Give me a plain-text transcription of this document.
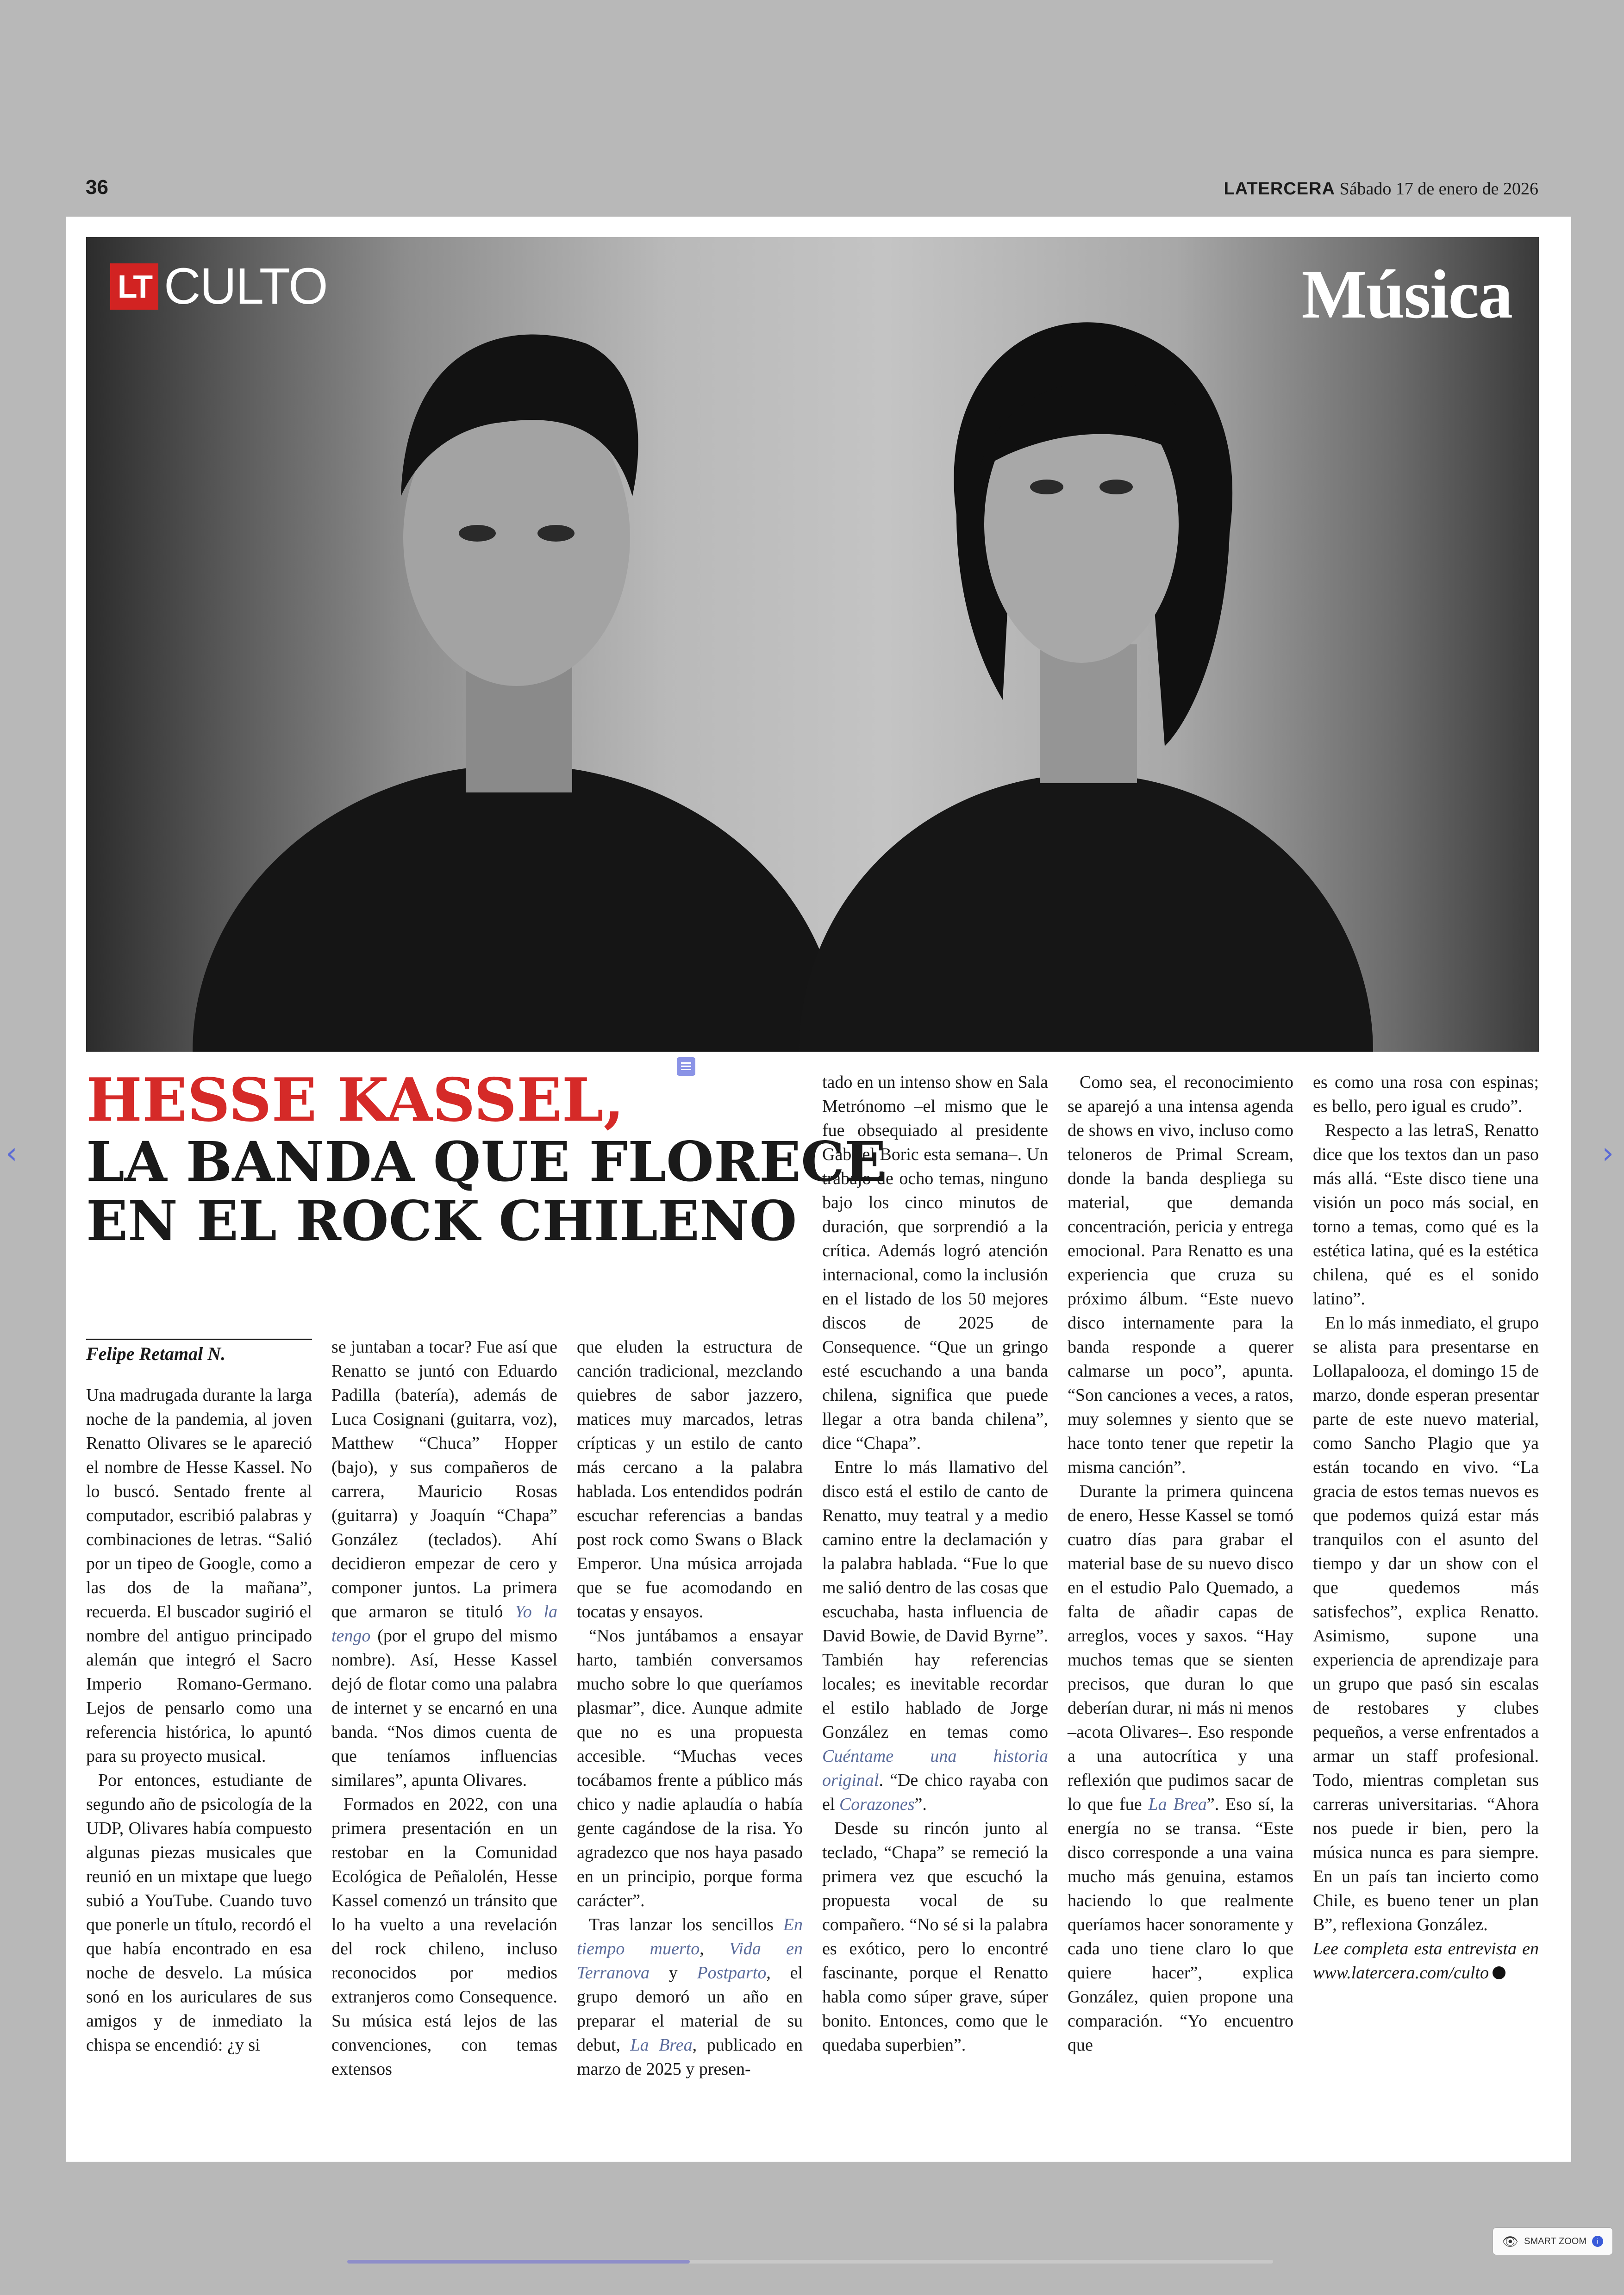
36	LATERCERA Sábado 17 de enero de 2026
‹	›
LT CULTO	Música
HESSE KASSEL,
LA BANDA QUE FLORECE
EN EL ROCK CHILENO
Felipe Retamal N.

Una madrugada durante la larga noche de la pandemia, al joven Renatto Olivares se le apareció el nombre de Hesse Kassel. No lo buscó. Sentado frente al computador, escribió palabras y combinaciones de letras. “Salió por un tipeo de Google, como a las dos de la mañana”, recuerda. El buscador sugirió el nombre del antiguo principado alemán que integró el Sacro Imperio Romano-Germano. Lejos de pensarlo como una referencia histórica, lo apuntó para su proyecto musical.

Por entonces, estudiante de segundo año de psicología de la UDP, Olivares había compuesto algunas piezas musicales que reunió en un mixtape que luego subió a YouTube. Cuando tuvo que ponerle un título, recordó el que había encontrado en esa noche de desvelo. La música sonó en los auriculares de sus amigos y de inmediato la chispa se encendió: ¿y si

se juntaban a tocar? Fue así que Renatto se juntó con Eduardo Padilla (batería), además de Luca Cosignani (guitarra, voz), Matthew “Chuca” Hopper (bajo), y sus compañeros de carrera, Mauricio Rosas (guitarra) y Joaquín “Chapa” González (teclados). Ahí decidieron empezar de cero y componer juntos. La primera que armaron se tituló Yo la tengo (por el grupo del mismo nombre). Así, Hesse Kassel dejó de flotar como una palabra de internet y se encarnó en una banda. “Nos dimos cuenta de que teníamos influencias similares”, apunta Olivares.

Formados en 2022, con una primera presentación en un restobar en la Comunidad Ecológica de Peñalolén, Hesse Kassel comenzó un tránsito que lo ha vuelto a una revelación del rock chileno, incluso reconocidos por medios extranjeros como Consequence. Su música está lejos de las convenciones, con temas extensos

que eluden la estructura de canción tradicional, mezclando quiebres de sabor jazzero, matices muy marcados, letras crípticas y un estilo de canto más cercano a la palabra hablada. Los entendidos podrán escuchar referencias a bandas post rock como Swans o Black Emperor. Una música arrojada que se fue acomodando en tocatas y ensayos.

“Nos juntábamos a ensayar harto, también conversamos mucho sobre lo que queríamos plasmar”, dice. Aunque admite que no es una propuesta accesible. “Muchas veces tocábamos frente a público más chico y nadie aplaudía o había gente cagándose de la risa. Yo agradezco que nos haya pasado en un principio, porque forma carácter”.

Tras lanzar los sencillos En tiempo muerto, Vida en Terranova y Postparto, el grupo demoró un año en preparar el material de su debut, La Brea, publicado en marzo de 2025 y presen-

tado en un intenso show en Sala Metrónomo –el mismo que le fue obsequiado al presidente Gabriel Boric esta semana–. Un trabajo de ocho temas, ninguno bajo los cinco minutos de duración, que sorprendió a la crítica. Además logró atención internacional, como la inclusión en el listado de los 50 mejores discos de 2025 de Consequence. “Que un gringo esté escuchando a una banda chilena, significa que puede llegar a otra banda chilena”, dice “Chapa”.

Entre lo más llamativo del disco está el estilo de canto de Renatto, muy teatral y a medio camino entre la declamación y la palabra hablada. “Fue lo que me salió dentro de las cosas que escuchaba, hasta influencia de David Bowie, de David Byrne”. También hay referencias locales; es inevitable recordar el estilo hablado de Jorge González en temas como Cuéntame una historia original. “De chico rayaba con el Corazones”.

Desde su rincón junto al teclado, “Chapa” se remeció la primera vez que escuchó la propuesta vocal de su compañero. “No sé si la palabra es exótico, pero lo encontré fascinante, porque el Renatto habla como súper grave, súper bonito. Entonces, como que le quedaba superbien”.

Como sea, el reconocimiento se aparejó a una intensa agenda de shows en vivo, incluso como teloneros de Primal Scream, donde la banda despliega su material, que demanda concentración, pericia y entrega emocional. Para Renatto es una experiencia que cruza su próximo álbum. “Este nuevo disco internamente para la banda responde a querer calmarse un poco”, apunta. “Son canciones a veces, a ratos, muy solemnes y siento que se hace tonto tener que repetir la misma canción”.

Durante la primera quincena de enero, Hesse Kassel se tomó cuatro días para grabar el material base de su nuevo disco en el estudio Palo Quemado, a falta de añadir capas de arreglos, voces y saxos. “Hay muchos temas que se sienten precisos, que duran lo que deberían durar, ni más ni menos –acota Olivares–. Eso responde a una autocrítica y una reflexión que pudimos sacar de lo que fue La Brea”. Eso sí, la energía no se transa. “Este disco corresponde a una vaina mucho más genuina, estamos haciendo lo que realmente queríamos hacer sonoramente y cada uno tiene claro lo que quiere hacer”, explica González, quien propone una comparación. “Yo encuentro que

es como una rosa con espinas; es bello, pero igual es crudo”.

Respecto a las letraS, Renatto dice que los textos dan un paso más allá. “Este disco tiene una visión un poco más social, en torno a temas, como qué es la estética latina, qué es la estética chilena, qué es el sonido latino”.

En lo más inmediato, el grupo se alista para presentarse en Lollapalooza, el domingo 15 de marzo, donde esperan presentar parte de este nuevo material, como Sancho Plagio que ya están tocando en vivo. “La gracia de estos temas nuevos es que podemos quizá estar más tranquilos con el asunto del tiempo y dar un show con el que quedemos más satisfechos”, explica Renatto. Asimismo, supone una experiencia de aprendizaje para un grupo que pasó sin escalas de restobares y clubes pequeños, a verse enfrentados a armar un staff profesional. Todo, mientras completan sus carreras universitarias. “Ahora nos puede ir bien, pero la música nunca es para siempre. En un país tan incierto como Chile, es bueno tener un plan B”, reflexiona González.

Lee completa esta entrevista en www.latercera.com/culto

👁 SMART ZOOM	i
